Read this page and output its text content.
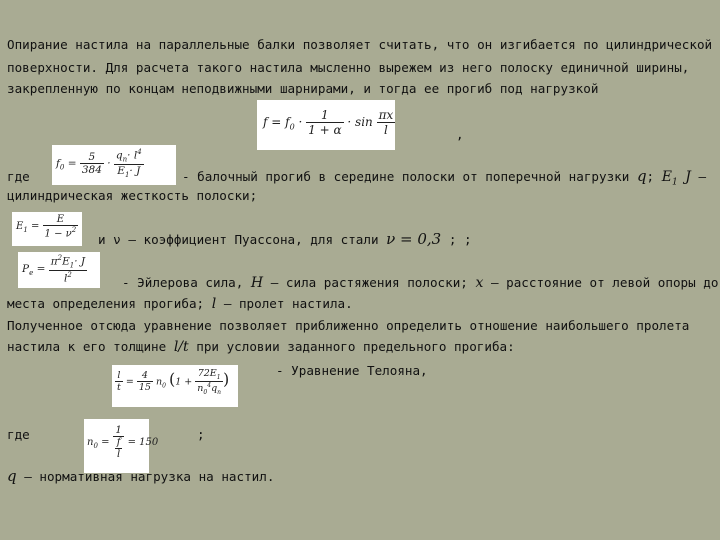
Опирание настила на параллельные балки позволяет считать, что он изгибается по цилиндрической
поверхности. Для расчета такого настила мысленно вырежем из него полоску единичной ширины,
закрепленную по концам неподвижными шарнирами, и тогда ее прогиб под нагрузкой
$f = f_0 \cdot \frac{1}{1 + \alpha} \cdot \sin \frac{\pi x}{l}$	,
где
$f_0 = \frac{5}{384} \cdot \frac{q_n\cdot l^4}{E_1\cdot J}$	- балочный прогиб в середине полоски от поперечной нагрузки q; $E_1$ J –
цилиндрическая жесткость полоски;
$E_1 = \frac{E}{1 - \nu^2}$
и ν – коэффициент Пуассона, для стали ν = 0,3 ; ;
$P_e = \frac{\pi^2E_1\cdot J}{l^2}$	- Эйлерова сила, H – сила растяжения полоски; x – расстояние от левой опоры до
места определения прогиба; l – пролет настила.
Полученное отсюда уравнение позволяет приближенно определить отношение наибольшего пролета
настила к его толщине l/t при условии заданного предельного прогиба:
- Уравнение Телояна,
$\frac{l}{t} = \frac{4}{15} n_0$ ($1 + \frac{72E_1}{n_0^4q_n}$ )
где
$n_0 = \frac{1}{\frac{f}{l}} = 150$
;
q – нормативная нагрузка на настил.
